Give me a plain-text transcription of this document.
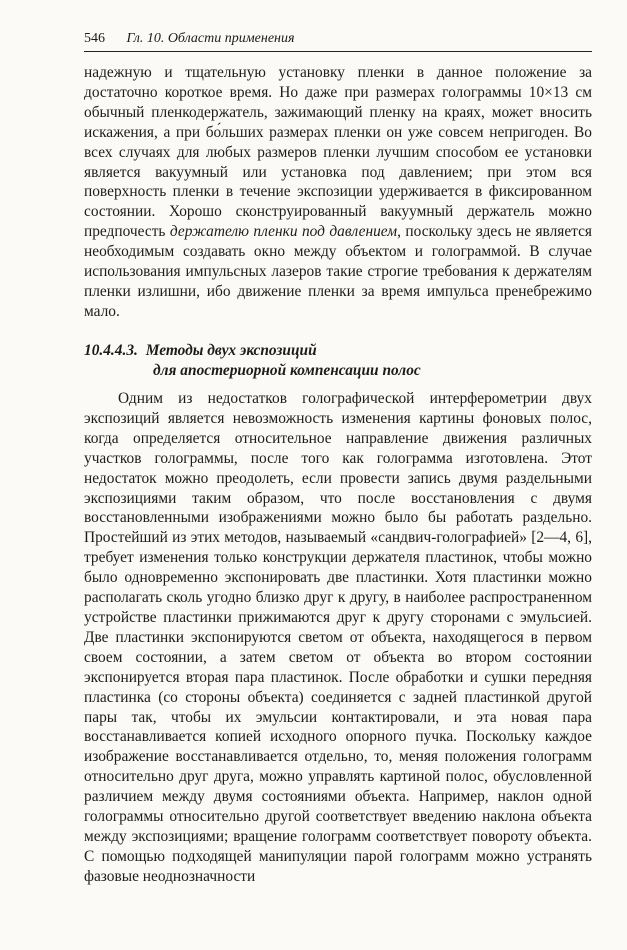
546 Гл. 10. Области применения

надежную и тщательную установку пленки в данное положение за достаточно короткое время. Но даже при размерах голограммы 10×13 см обычный пленкодержатель, зажимающий пленку на краях, может вносить искажения, а при бо́льших размерах пленки он уже совсем непригоден. Во всех случаях для любых размеров пленки лучшим способом ее установки является вакуумный или установка под давлением; при этом вся поверхность пленки в течение экспозиции удерживается в фиксированном состоянии. Хорошо сконструированный вакуумный держатель можно предпочесть держателю пленки под давлением, поскольку здесь не является необходимым создавать окно между объектом и голограммой. В случае использования импульсных лазеров такие строгие требования к держателям пленки излишни, ибо движение пленки за время импульса пренебрежимо мало.

10.4.4.3. Методы двух экспозиций
для апостериорной компенсации полос

Одним из недостатков голографической интерферометрии двух экспозиций является невозможность изменения картины фоновых полос, когда определяется относительное направление движения различных участков голограммы, после того как голограмма изготовлена. Этот недостаток можно преодолеть, если провести запись двумя раздельными экспозициями таким образом, что после восстановления с двумя восстановленными изображениями можно было бы работать раздельно. Простейший из этих методов, называемый «сандвич-голографией» [2—4, 6], требует изменения только конструкции держателя пластинок, чтобы можно было одновременно экспонировать две пластинки. Хотя пластинки можно располагать сколь угодно близко друг к другу, в наиболее распространенном устройстве пластинки прижимаются друг к другу сторонами с эмульсией. Две пластинки экспонируются светом от объекта, находящегося в первом своем состоянии, а затем светом от объекта во втором состоянии экспонируется вторая пара пластинок. После обработки и сушки передняя пластинка (со стороны объекта) соединяется с задней пластинкой другой пары так, чтобы их эмульсии контактировали, и эта новая пара восстанавливается копией исходного опорного пучка. Поскольку каждое изображение восстанавливается отдельно, то, меняя положения голограмм относительно друг друга, можно управлять картиной полос, обусловленной различием между двумя состояниями объекта. Например, наклон одной голограммы относительно другой соответствует введению наклона объекта между экспозициями; вращение голограмм соответствует повороту объекта. С помощью подходящей манипуляции парой голограмм можно устранять фазовые неоднозначности
